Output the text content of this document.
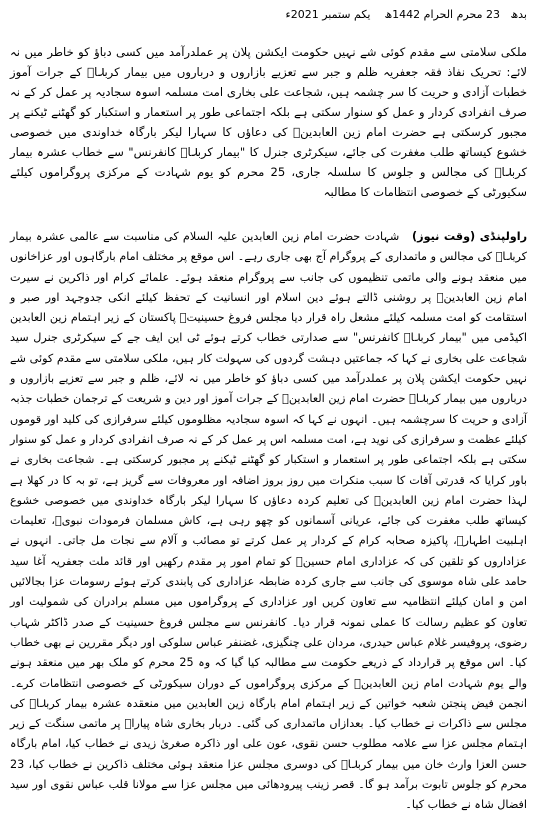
بدھ   23 محرم الحرام 1442ھ    یکم ستمبر 2021ء
ملکی سلامتی سے مقدم کوئی شے نہیں حکومت ایکشن پلان پر عملدرآمد میں کسی دباؤ کو خاطر میں نہ لائے: تحریک نفاذ فقہ جعفریہ ظلم و جبر سے تعزیے بازاروں و درباروں میں بیمار کربلاؒ کے جرات آموز خطبات آزادی و حریت کا سر چشمہ ہیں، شجاعت علی بخاری امت مسلمہ اسوہ سجادیہ پر عمل کر کے نہ صرف انفرادی کردار و عمل کو سنوار سکتی ہے بلکہ اجتماعی طور پر استعمار و استکبار کو گھٹنے ٹیکنے پر مجبور کرسکتی ہے حضرت امام زین العابدینؒ کی دعاؤں کا سہارا لیکر بارگاہ خداوندی میں خصوصی خشوع کیساتھ طلب مغفرت کی جائے، سیکرٹری جنرل کا "بیمار کربلاؒ کانفرنس" سے خطاب عشرہ بیمار کربلاؒ کی مجالس و جلوس کا سلسلہ جاری، 25 محرم کو یوم شہادت کے مرکزی پروگراموں کیلئے سکیورٹی کے خصوصی انتظامات کا مطالبہ

راولپنڈی (وقت نیوز)   شہادت حضرت امام زین العابدین علیہ السلام کی مناسبت سے عالمی عشرہ بیمار کربلاؒ کی مجالس و ماتمداری کے پروگرام آج بھی جاری رہے۔ اس موقع پر مختلف امام بارگاہوں اور عزاخانوں میں منعقد ہونے والی ماتمی تنظیموں کی جانب سے پروگرام منعقد ہوئے۔ علمائے کرام اور ذاکرین نے سیرت امام زین العابدینؒ پر روشنی ڈالتے ہوئے دین اسلام اور انسانیت کے تحفظ کیلئے انکی جدوجہد اور صبر و استقامت کو امت مسلمہ کیلئے مشعل راہ قرار دیا مجلس فروغ حسینیتؒ پاکستان کے زیر اہتمام زین العابدین اکیڈمی میں "بیمار کربلاؒ کانفرنس" سے صدارتی خطاب کرتے ہوئے ٹی این ایف جے کے سیکرٹری جنرل سید شجاعت علی بخاری نے کہا کہ جماعتیں دہشت گردوں کی سہولت کار ہیں، ملکی سلامتی سے مقدم کوئی شے نہیں حکومت ایکشن پلان پر عملدرآمد میں کسی دباؤ کو خاطر میں نہ لائے، ظلم و جبر سے تعزیے بازاروں و درباروں میں بیمار کربلاؒ حضرت امام زین العابدینؒ کے جرات آموز اور دین و شریعت کے ترجمان خطبات جذبہ آزادی و حریت کا سرچشمہ ہیں۔ انہوں نے کہا کہ اسوہ سجادیہ مظلوموں کیلئے سرفرازی کی کلید اور قوموں کیلئے عظمت و سرفرازی کی نوید ہے، امت مسلمہ اس پر عمل کر کے نہ صرف انفرادی کردار و عمل کو سنوار سکتی ہے بلکہ اجتماعی طور پر استعمار و استکبار کو گھٹنے ٹیکنے پر مجبور کرسکتی ہے۔ شجاعت بخاری نے باور کرایا کہ قدرتی آفات کا سبب منکرات میں روز بروز اضافہ اور معروفات سے گریز ہے، تو بہ کا در کھلا ہے لہذا حضرت امام زین العابدینؒ کی تعلیم کردہ دعاؤں کا سہارا لیکر بارگاہ خداوندی میں خصوصی خشوع کیساتھ طلب مغفرت کی جائے، عریانی آسمانوں کو چھو رہی ہے، کاش مسلمان فرمودات نبویؐ، تعلیمات اہلبیت اطہارؑ، پاکیزہ صحابہ کرام کے کردار پر عمل کرتے تو مصائب و آلام سے نجات مل جاتی۔ انہوں نے عزاداروں کو تلقین کی کہ عزاداری امام حسینؑ کو تمام امور پر مقدم رکھیں اور قائد ملت جعفریہ آغا سید حامد علی شاہ موسوی کی جانب سے جاری کردہ ضابطہ عزاداری کی پابندی کرتے ہوئے رسومات عزا بجالائیں امن و امان کیلئے انتظامیہ سے تعاون کریں اور عزاداری کے پروگراموں میں مسلم برادران کی شمولیت اور تعاون کو عظیم رسالت کا عملی نمونہ قرار دیا۔ کانفرنس سے مجلس فروغ حسینیت کے صدر ڈاکٹر شہاب رضوی، پروفیسر غلام عباس حیدری، مردان علی چنگیزی، غضنفر عباس سلوکی اور دیگر مقررین نے بھی خطاب کیا۔ اس موقع پر قرارداد کے ذریعے حکومت سے مطالبہ کیا گیا کہ وہ 25 محرم کو ملک بھر میں منعقد ہونے والے یوم شہادت امام زین العابدینؒ کے مرکزی پروگراموں کے دوران سیکورٹی کے خصوصی انتظامات کرے۔ انجمن فیض پنجتن شعبہ خواتین کے زیر اہتمام امام بارگاہ زین العابدین میں منعقدہ عشرہ بیمار کربلاؒ کی مجلس سے ذاکرات نے خطاب کیا۔ بعدازاں ماتمداری کی گئی۔ دربار بخاری شاہ پیاراؒ پر ماتمی سنگت کے زیر اہتمام مجلس عزا سے علامہ مطلوب حسن نقوی، عون علی اور ذاکرہ صغریٰ زیدی نے خطاب کیا، امام بارگاہ حسن العزا وارث خان میں بیمار کربلاؒ کی دوسری مجلس عزا منعقد ہوئی مختلف ذاکرین نے خطاب کیا، 23 محرم کو جلوس تابوت برآمد ہو گا۔ قصر زینب پیرودھائی میں مجلس عزا سے مولانا قلب عباس نقوی اور سید افضال شاہ نے خطاب کیا۔
